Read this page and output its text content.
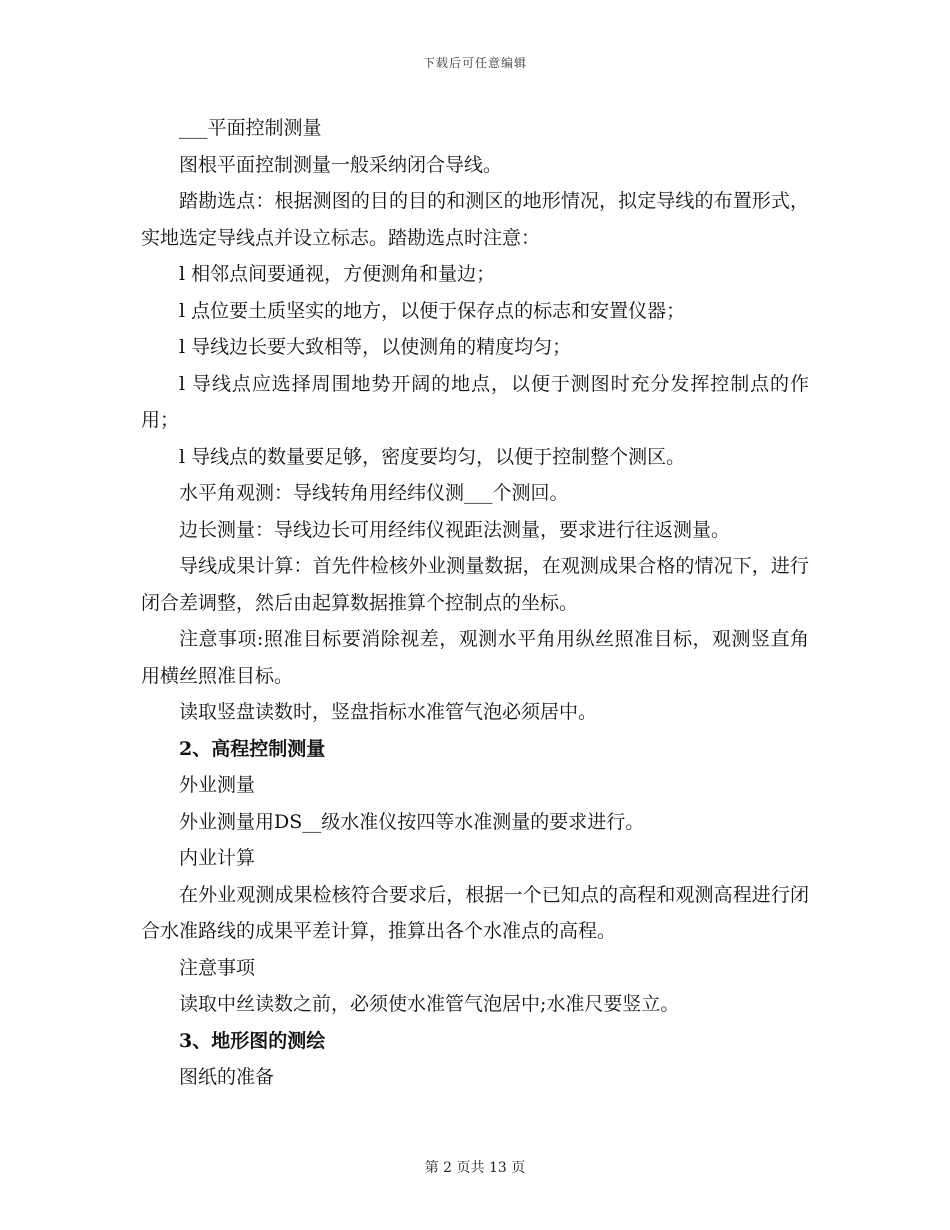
下载后可任意编辑

___平面控制测量

图根平面控制测量一般采纳闭合导线。

踏勘选点：根据测图的目的目的和测区的地形情况，拟定导线的布置形式，实地选定导线点并设立标志。踏勘选点时注意：

l 相邻点间要通视，方便测角和量边；

l 点位要土质坚实的地方，以便于保存点的标志和安置仪器；

l 导线边长要大致相等，以使测角的精度均匀；

l 导线点应选择周围地势开阔的地点，以便于测图时充分发挥控制点的作用；

l 导线点的数量要足够，密度要均匀，以便于控制整个测区。

水平角观测：导线转角用经纬仪测___个测回。

边长测量：导线边长可用经纬仪视距法测量，要求进行往返测量。

导线成果计算：首先件检核外业测量数据，在观测成果合格的情况下，进行闭合差调整，然后由起算数据推算个控制点的坐标。

注意事项:照准目标要消除视差，观测水平角用纵丝照准目标，观测竖直角用横丝照准目标。

读取竖盘读数时，竖盘指标水准管气泡必须居中。

2、高程控制测量

外业测量

外业测量用DS__级水准仪按四等水准测量的要求进行。

内业计算

在外业观测成果检核符合要求后，根据一个已知点的高程和观测高程进行闭合水准路线的成果平差计算，推算出各个水准点的高程。

注意事项

读取中丝读数之前，必须使水准管气泡居中;水准尺要竖立。

3、地形图的测绘

图纸的准备

第 2 页共 13 页
